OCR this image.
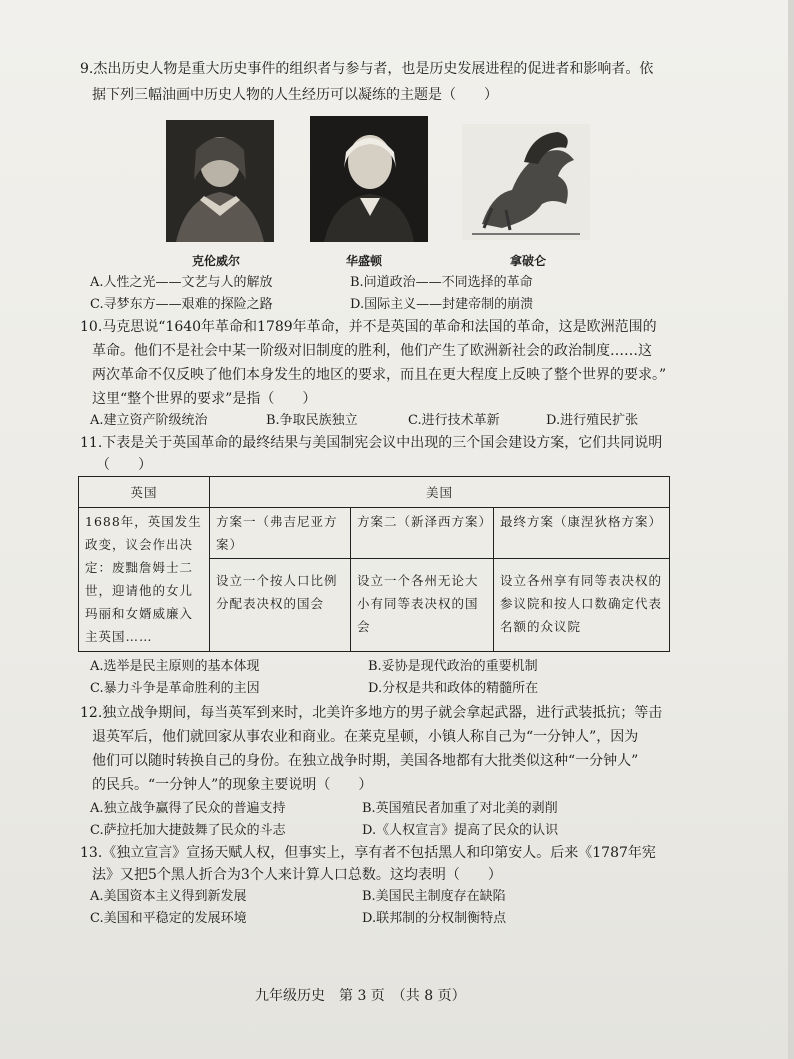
9.杰出历史人物是重大历史事件的组织者与参与者，也是历史发展进程的促进者和影响者。依
据下列三幅油画中历史人物的人生经历可以凝练的主题是（　　）
克伦威尔	华盛顿	拿破仑
A.人性之光——文艺与人的解放	B.问道政治——不同选择的革命
C.寻梦东方——艰难的探险之路	D.国际主义——封建帝制的崩溃
10.马克思说“1640年革命和1789年革命，并不是英国的革命和法国的革命，这是欧洲范围的
革命。他们不是社会中某一阶级对旧制度的胜利，他们产生了欧洲新社会的政治制度……这
两次革命不仅反映了他们本身发生的地区的要求，而且在更大程度上反映了整个世界的要求。”
这里“整个世界的要求”是指（　　）
A.建立资产阶级统治	B.争取民族独立	C.进行技术革新	D.进行殖民扩张
11.下表是关于英国革命的最终结果与美国制宪会议中出现的三个国会建设方案，它们共同说明
（　　）
英国	美国		
1688年，英国发生政变，议会作出决定：废黜詹姆士二世，迎请他的女儿玛丽和女婿威廉入主英国……	方案一（弗吉尼亚方案）	方案二（新泽西方案）	最终方案（康涅狄格方案）
	设立一个按人口比例分配表决权的国会	设立一个各州无论大小有同等表决权的国会	设立各州享有同等表决权的参议院和按人口数确定代表名额的众议院
A.选举是民主原则的基本体现	B.妥协是现代政治的重要机制
C.暴力斗争是革命胜利的主因	D.分权是共和政体的精髓所在
12.独立战争期间，每当英军到来时，北美许多地方的男子就会拿起武器，进行武装抵抗；等击
退英军后，他们就回家从事农业和商业。在莱克星顿，小镇人称自己为“一分钟人”，因为
他们可以随时转换自己的身份。在独立战争时期，美国各地都有大批类似这种“一分钟人”
的民兵。“一分钟人”的现象主要说明（　　）
A.独立战争赢得了民众的普遍支持	B.英国殖民者加重了对北美的剥削
C.萨拉托加大捷鼓舞了民众的斗志	D.《人权宣言》提高了民众的认识
13.《独立宣言》宣扬天赋人权，但事实上，享有者不包括黑人和印第安人。后来《1787年宪
法》又把5个黑人折合为3个人来计算人口总数。这均表明（　　）
A.美国资本主义得到新发展	B.美国民主制度存在缺陷
C.美国和平稳定的发展环境	D.联邦制的分权制衡特点
九年级历史　第 3 页　（共 8 页）
